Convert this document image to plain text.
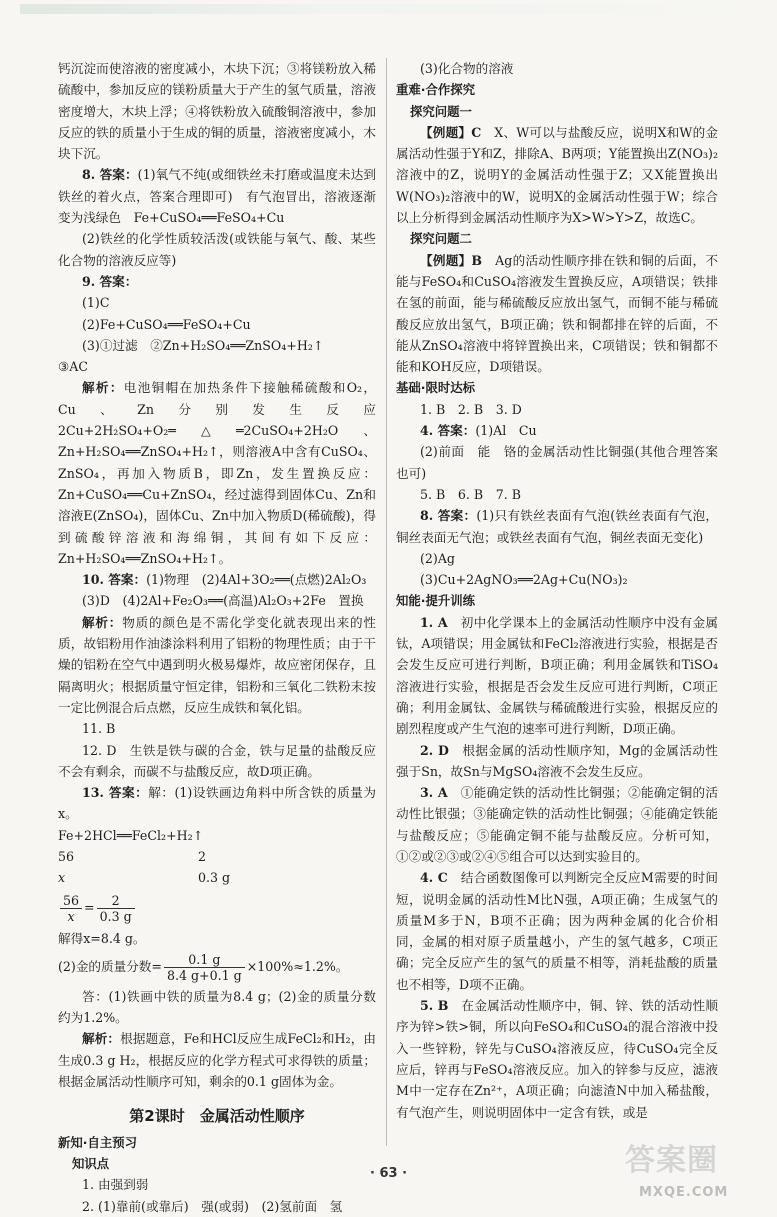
钙沉淀而使溶液的密度减小，木块下沉；③将镁粉放入稀硫酸中，参加反应的镁粉质量大于产生的氢气质量，溶液密度增大，木块上浮；④将铁粉放入硫酸铜溶液中，参加反应的铁的质量小于生成的铜的质量，溶液密度减小，木块下沉。

8. 答案：(1)氧气不纯(或细铁丝未打磨或温度未达到铁丝的着火点，答案合理即可)　有气泡冒出，溶液逐渐变为浅绿色　Fe+CuSO₄══FeSO₄+Cu

(2)铁丝的化学性质较活泼(或铁能与氧气、酸、某些化合物的溶液反应等)

9. 答案：

(1)C

(2)Fe+CuSO₄══FeSO₄+Cu

(3)①过滤　②Zn+H₂SO₄══ZnSO₄+H₂↑

③AC

解析：电池铜帽在加热条件下接触稀硫酸和O₂，Cu、Zn分别发生反应2Cu+2H₂SO₄+O₂═△═2CuSO₄+2H₂O、Zn+H₂SO₄══ZnSO₄+H₂↑，则溶液A中含有CuSO₄、ZnSO₄，再加入物质B，即Zn，发生置换反应：Zn+CuSO₄══Cu+ZnSO₄，经过滤得到固体Cu、Zn和溶液E(ZnSO₄)，固体Cu、Zn中加入物质D(稀硫酸)，得到硫酸锌溶液和海绵铜，其间有如下反应：Zn+H₂SO₄══ZnSO₄+H₂↑。

10. 答案：(1)物理　(2)4Al+3O₂══(点燃)2Al₂O₃

(3)D　(4)2Al+Fe₂O₃══(高温)Al₂O₃+2Fe　置换

解析：物质的颜色是不需化学变化就表现出来的性质，故铝粉用作油漆涂料利用了铝粉的物理性质；由于干燥的铝粉在空气中遇到明火极易爆炸，故应密闭保存，且隔离明火；根据质量守恒定律，铝粉和三氧化二铁粉末按一定比例混合后点燃，反应生成铁和氧化铝。

11. B

12. D　生铁是铁与碳的合金，铁与足量的盐酸反应不会有剩余，而碳不与盐酸反应，故D项正确。

13. 答案：解：(1)设铁画边角料中所含铁的质量为x。

Fe+2HCl══FeCl₂+H₂↑

56	2
x	0.3 g
$\frac{56}{x} = \frac{2}{0.3 g}$

解得x=8.4 g。

(2)金的质量分数= $\frac{0.1 g}{8.4 g+0.1 g} \times 100\%\approx 1.2\%$。

答：(1)铁画中铁的质量为8.4 g；(2)金的质量分数约为1.2%。

解析：根据题意，Fe和HCl反应生成FeCl₂和H₂，由生成0.3 g H₂，根据反应的化学方程式可求得铁的质量；根据金属活动性顺序可知，剩余的0.1 g固体为金。

第2课时　金属活动性顺序

新知·自主预习

知识点

1. 由强到弱

2. (1)靠前(或靠后)　强(或弱)　(2)氢前面　氢

(3)化合物的溶液

重难·合作探究

探究问题一

【例题】C　X、W可以与盐酸反应，说明X和W的金属活动性强于Y和Z，排除A、B两项；Y能置换出Z(NO₃)₂溶液中的Z，说明Y的金属活动性强于Z；又X能置换出W(NO₃)₂溶液中的W，说明X的金属活动性强于W；综合以上分析得到金属活动性顺序为X>W>Y>Z，故选C。

探究问题二

【例题】B　Ag的活动性顺序排在铁和铜的后面，不能与FeSO₄和CuSO₄溶液发生置换反应，A项错误；铁排在氢的前面，能与稀硫酸反应放出氢气，而铜不能与稀硫酸反应放出氢气，B项正确；铁和铜都排在锌的后面，不能从ZnSO₄溶液中将锌置换出来，C项错误；铁和铜都不能和KOH反应，D项错误。

基础·限时达标

1. B　2. B　3. D

4. 答案：(1)Al　Cu

(2)前面　能　铬的金属活动性比铜强(其他合理答案也可)

5. B　6. B　7. B

8. 答案：(1)只有铁丝表面有气泡(铁丝表面有气泡，铜丝表面无气泡；或铁丝表面有气泡，铜丝表面无变化)

(2)Ag

(3)Cu+2AgNO₃══2Ag+Cu(NO₃)₂

知能·提升训练

1. A　初中化学课本上的金属活动性顺序中没有金属钛，A项错误；用金属钛和FeCl₂溶液进行实验，根据是否会发生反应可进行判断，B项正确；利用金属铁和TiSO₄溶液进行实验，根据是否会发生反应可进行判断，C项正确；利用金属钛、金属铁与稀硫酸进行实验，根据反应的剧烈程度或产生气泡的速率可进行判断，D项正确。

2. D　根据金属的活动性顺序知，Mg的金属活动性强于Sn，故Sn与MgSO₄溶液不会发生反应。

3. A　①能确定铁的活动性比铜强；②能确定铜的活动性比银强；③能确定铁的活动性比铜强；④能确定铁能与盐酸反应；⑤能确定铜不能与盐酸反应。分析可知，①②或②③或②④⑤组合可以达到实验目的。

4. C　结合函数图像可以判断完全反应M需要的时间短，说明金属的活动性M比N强，A项正确；生成氢气的质量M多于N，B项不正确；因为两种金属的化合价相同，金属的相对原子质量越小，产生的氢气越多，C项正确；完全反应产生的氢气的质量不相等，消耗盐酸的质量也不相等，D项不正确。

5. B　在金属活动性顺序中，铜、锌、铁的活动性顺序为锌>铁>铜，所以向FeSO₄和CuSO₄的混合溶液中投入一些锌粉，锌先与CuSO₄溶液反应，待CuSO₄完全反应后，锌再与FeSO₄溶液反应。加入的锌参与反应，滤液M中一定存在Zn²⁺，A项正确；向滤渣N中加入稀盐酸，有气泡产生，则说明固体中一定含有铁，或是

· 63 ·	答案圈
MXQE.COM
